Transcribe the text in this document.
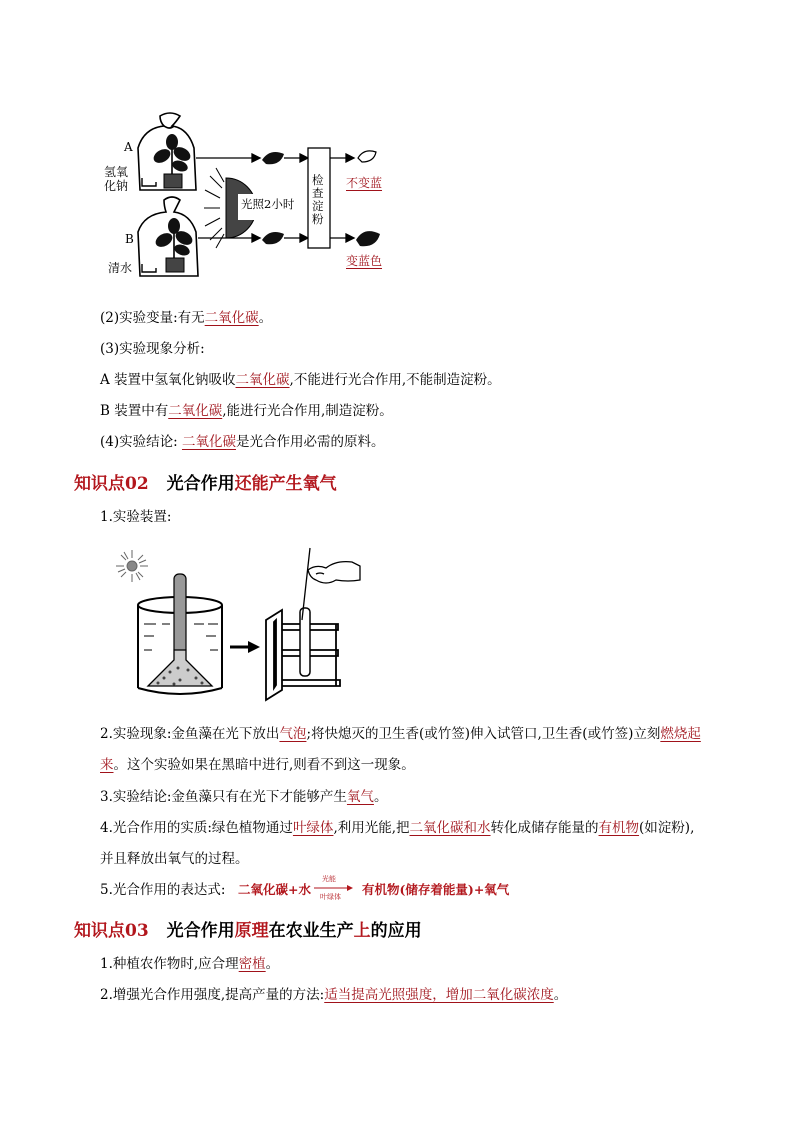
A
B
氢氧
化钠
清水
光照2小时
检
查
淀
粉
不变蓝
变蓝色
(2)实验变量:有无二氧化碳。
(3)实验现象分析:
A 装置中氢氧化钠吸收二氧化碳,不能进行光合作用,不能制造淀粉。
B 装置中有二氧化碳,能进行光合作用,制造淀粉。
(4)实验结论: 二氧化碳是光合作用必需的原料。
知识点02 光合作用还能产生氧气
1.实验装置:
2.实验现象:金鱼藻在光下放出气泡;将快熄灭的卫生香(或竹签)伸入试管口,卫生香(或竹签)立刻燃烧起
来。这个实验如果在黑暗中进行,则看不到这一现象。
3.实验结论:金鱼藻只有在光下才能够产生氧气。
4.光合作用的实质:绿色植物通过叶绿体,利用光能,把二氧化碳和水转化成储存能量的有机物(如淀粉),
并且释放出氧气的过程。
5.光合作用的表达式: 二氧化碳+水
光能
叶绿体 有机物(储存着能量)+氧气
知识点03 光合作用原理在农业生产上的应用
1.种植农作物时,应合理密植。
2.增强光合作用强度,提高产量的方法:适当提高光照强度，增加二氧化碳浓度。
